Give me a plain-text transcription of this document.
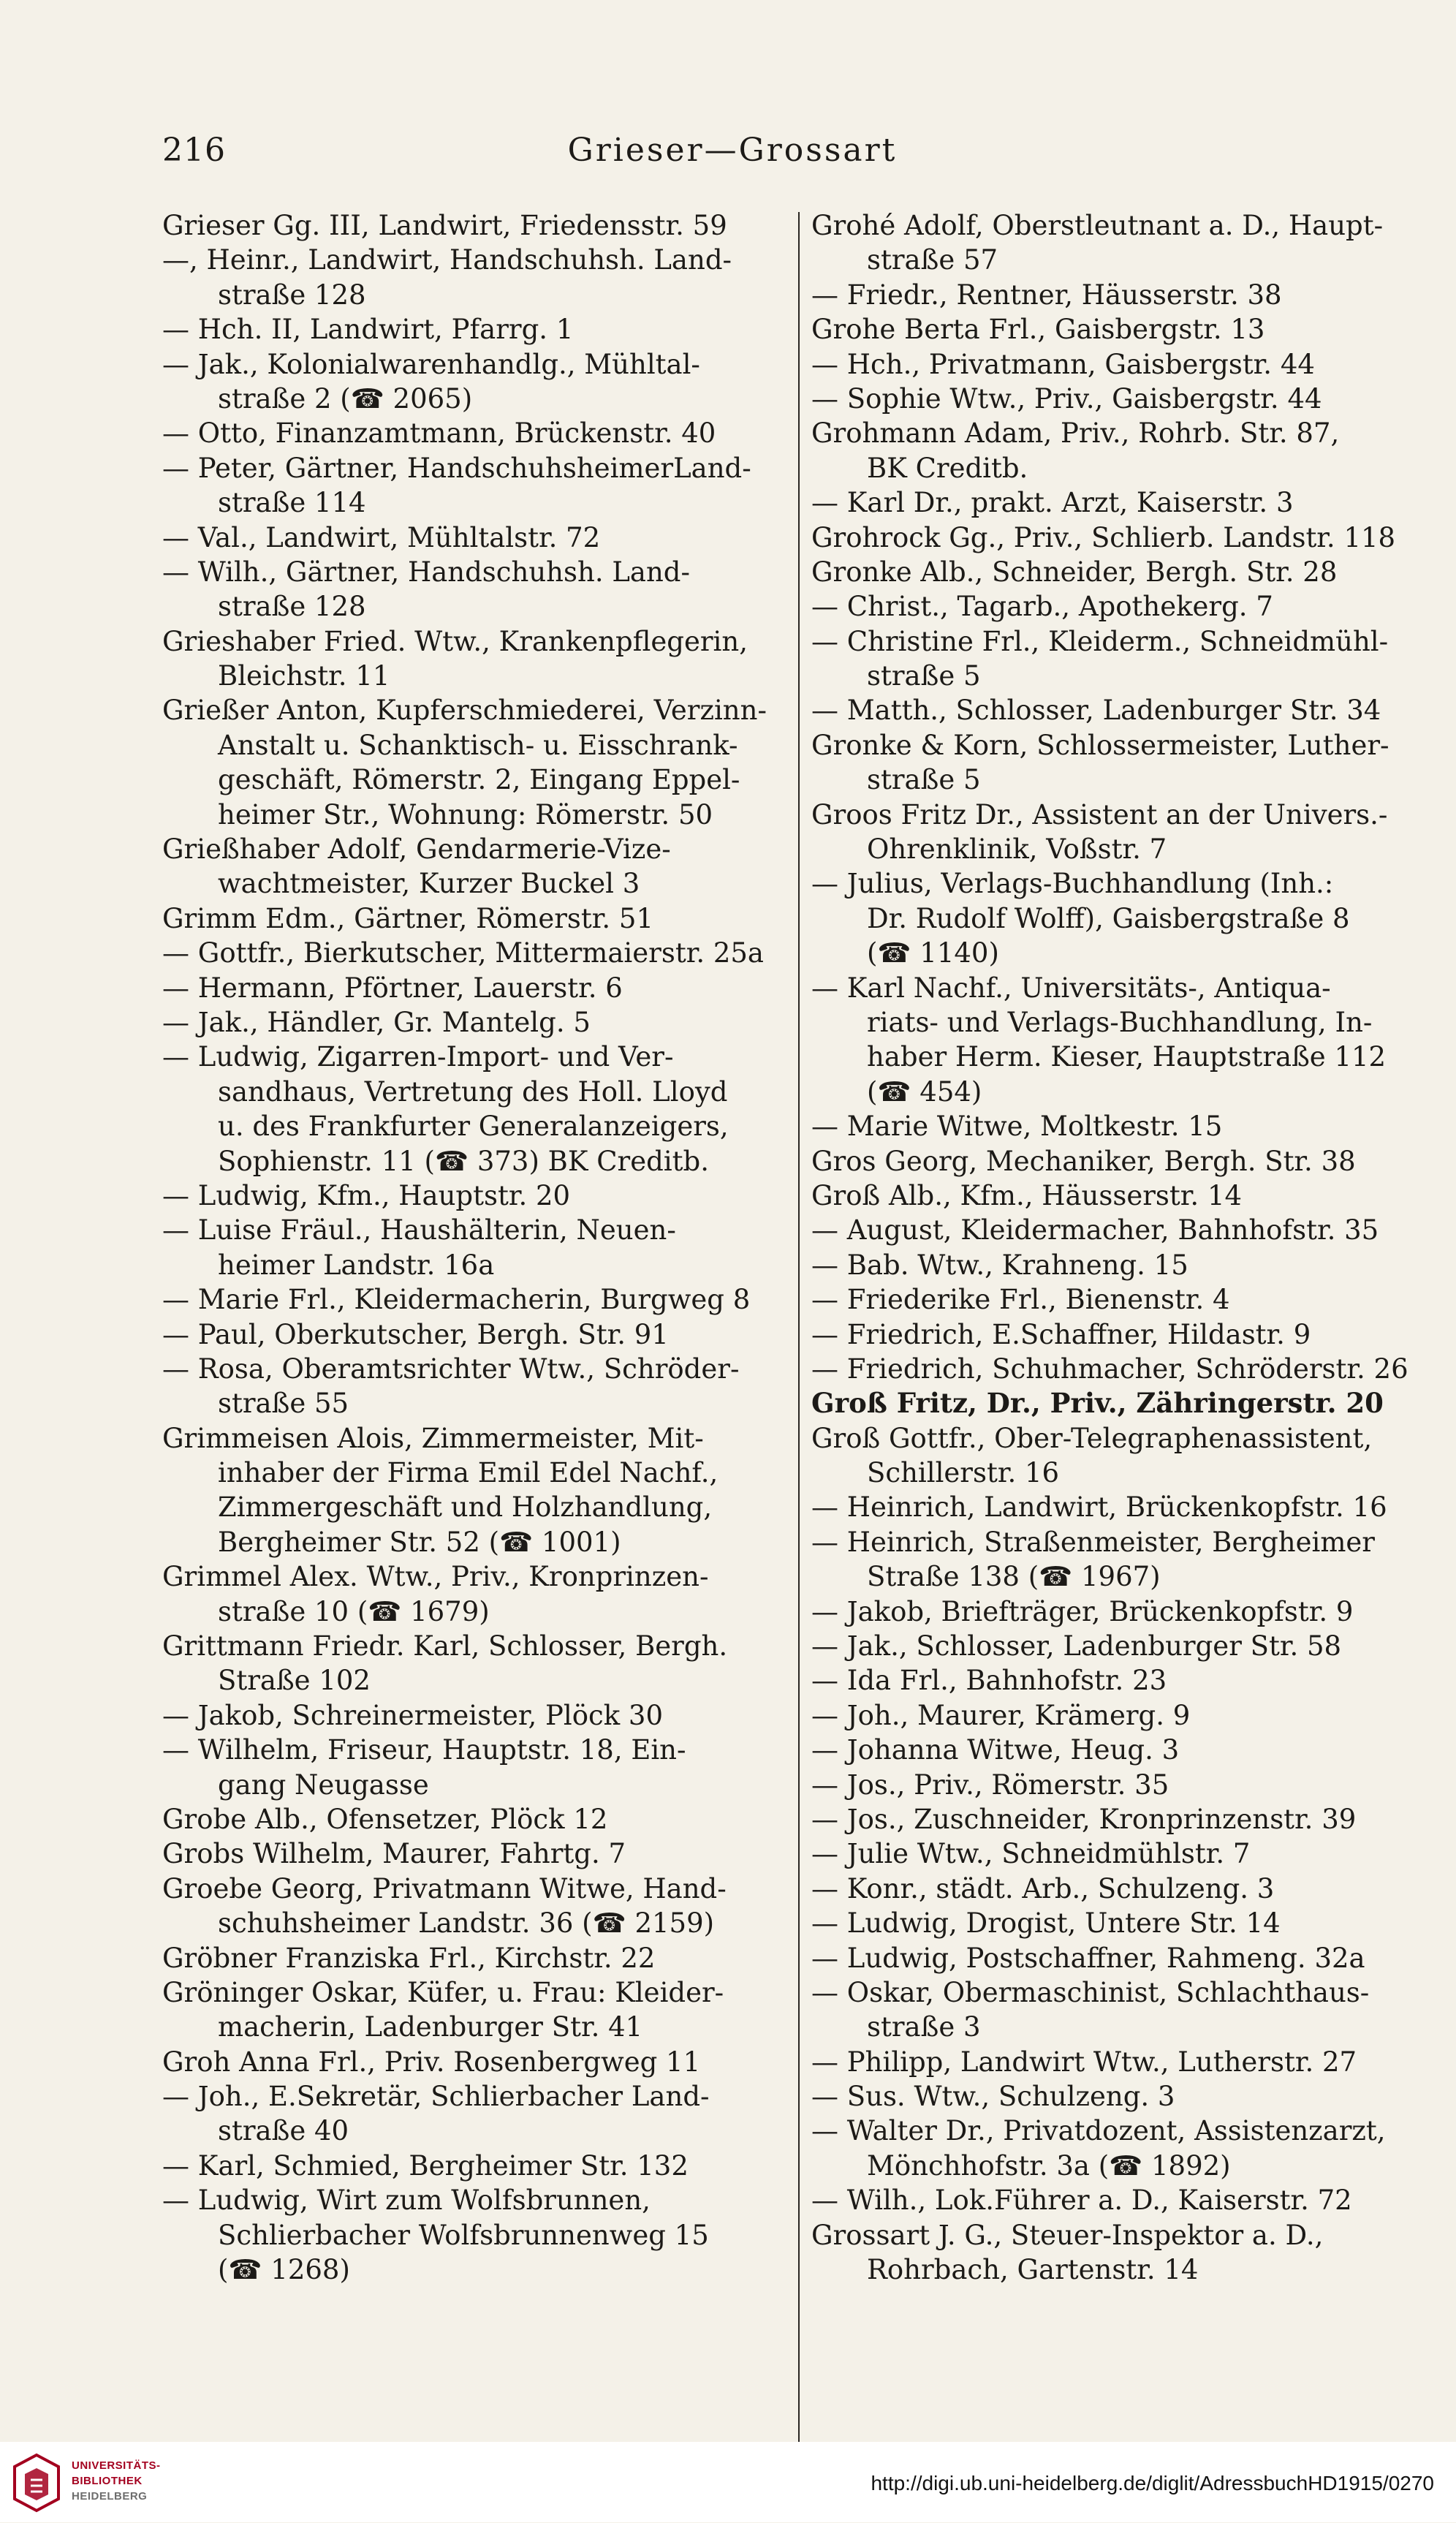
216	Grieser—Grossart
Grieser Gg. III, Landwirt, Friedensstr. 59
—, Heinr., Landwirt, Handschuhsh. Land-
straße 128
— Hch. II, Landwirt, Pfarrg. 1
— Jak., Kolonialwarenhandlg., Mühltal-
straße 2 (☎ 2065)
— Otto, Finanzamtmann, Brückenstr. 40
— Peter, Gärtner, HandschuhsheimerLand-
straße 114
— Val., Landwirt, Mühltalstr. 72
— Wilh., Gärtner, Handschuhsh. Land-
straße 128
Grieshaber Fried. Wtw., Krankenpflegerin,
Bleichstr. 11
Grießer Anton, Kupferschmiederei, Verzinn-
Anstalt u. Schanktisch- u. Eisschrank-
geschäft, Römerstr. 2, Eingang Eppel-
heimer Str., Wohnung: Römerstr. 50
Grießhaber Adolf, Gendarmerie-Vize-
wachtmeister, Kurzer Buckel 3
Grimm Edm., Gärtner, Römerstr. 51
— Gottfr., Bierkutscher, Mittermaierstr. 25a
— Hermann, Pförtner, Lauerstr. 6
— Jak., Händler, Gr. Mantelg. 5
— Ludwig, Zigarren-Import- und Ver-
sandhaus, Vertretung des Holl. Lloyd
u. des Frankfurter Generalanzeigers,
Sophienstr. 11 (☎ 373) BK Creditb.
— Ludwig, Kfm., Hauptstr. 20
— Luise Fräul., Haushälterin, Neuen-
heimer Landstr. 16a
— Marie Frl., Kleidermacherin, Burgweg 8
— Paul, Oberkutscher, Bergh. Str. 91
— Rosa, Oberamtsrichter Wtw., Schröder-
straße 55
Grimmeisen Alois, Zimmermeister, Mit-
inhaber der Firma Emil Edel Nachf.,
Zimmergeschäft und Holzhandlung,
Bergheimer Str. 52 (☎ 1001)
Grimmel Alex. Wtw., Priv., Kronprinzen-
straße 10 (☎ 1679)
Grittmann Friedr. Karl, Schlosser, Bergh.
Straße 102
— Jakob, Schreinermeister, Plöck 30
— Wilhelm, Friseur, Hauptstr. 18, Ein-
gang Neugasse
Grobe Alb., Ofensetzer, Plöck 12
Grobs Wilhelm, Maurer, Fahrtg. 7
Groebe Georg, Privatmann Witwe, Hand-
schuhsheimer Landstr. 36 (☎ 2159)
Gröbner Franziska Frl., Kirchstr. 22
Gröninger Oskar, Küfer, u. Frau: Kleider-
macherin, Ladenburger Str. 41
Groh Anna Frl., Priv. Rosenbergweg 11
— Joh., E.Sekretär, Schlierbacher Land-
straße 40
— Karl, Schmied, Bergheimer Str. 132
— Ludwig, Wirt zum Wolfsbrunnen,
Schlierbacher Wolfsbrunnenweg 15
(☎ 1268)
Grohé Adolf, Oberstleutnant a. D., Haupt-
straße 57
— Friedr., Rentner, Häusserstr. 38
Grohe Berta Frl., Gaisbergstr. 13
— Hch., Privatmann, Gaisbergstr. 44
— Sophie Wtw., Priv., Gaisbergstr. 44
Grohmann Adam, Priv., Rohrb. Str. 87,
BK Creditb.
— Karl Dr., prakt. Arzt, Kaiserstr. 3
Grohrock Gg., Priv., Schlierb. Landstr. 118
Gronke Alb., Schneider, Bergh. Str. 28
— Christ., Tagarb., Apothekerg. 7
— Christine Frl., Kleiderm., Schneidmühl-
straße 5
— Matth., Schlosser, Ladenburger Str. 34
Gronke & Korn, Schlossermeister, Luther-
straße 5
Groos Fritz Dr., Assistent an der Univers.-
Ohrenklinik, Voßstr. 7
— Julius, Verlags-Buchhandlung (Inh.:
Dr. Rudolf Wolff), Gaisbergstraße 8
(☎ 1140)
— Karl Nachf., Universitäts-, Antiqua-
riats- und Verlags-Buchhandlung, In-
haber Herm. Kieser, Hauptstraße 112
(☎ 454)
— Marie Witwe, Moltkestr. 15
Gros Georg, Mechaniker, Bergh. Str. 38
Groß Alb., Kfm., Häusserstr. 14
— August, Kleidermacher, Bahnhofstr. 35
— Bab. Wtw., Krahneng. 15
— Friederike Frl., Bienenstr. 4
— Friedrich, E.Schaffner, Hildastr. 9
— Friedrich, Schuhmacher, Schröderstr. 26
Groß Fritz, Dr., Priv., Zähringerstr. 20
Groß Gottfr., Ober-Telegraphenassistent,
Schillerstr. 16
— Heinrich, Landwirt, Brückenkopfstr. 16
— Heinrich, Straßenmeister, Bergheimer
Straße 138 (☎ 1967)
— Jakob, Briefträger, Brückenkopfstr. 9
— Jak., Schlosser, Ladenburger Str. 58
— Ida Frl., Bahnhofstr. 23
— Joh., Maurer, Krämerg. 9
— Johanna Witwe, Heug. 3
— Jos., Priv., Römerstr. 35
— Jos., Zuschneider, Kronprinzenstr. 39
— Julie Wtw., Schneidmühlstr. 7
— Konr., städt. Arb., Schulzeng. 3
— Ludwig, Drogist, Untere Str. 14
— Ludwig, Postschaffner, Rahmeng. 32a
— Oskar, Obermaschinist, Schlachthaus-
straße 3
— Philipp, Landwirt Wtw., Lutherstr. 27
— Sus. Wtw., Schulzeng. 3
— Walter Dr., Privatdozent, Assistenzarzt,
Mönchhofstr. 3a (☎ 1892)
— Wilh., Lok.Führer a. D., Kaiserstr. 72
Grossart J. G., Steuer-Inspektor a. D.,
Rohrbach, Gartenstr. 14
UNIVERSITÄTS-
BIBLIOTHEK
HEIDELBERG
http://digi.ub.uni-heidelberg.de/diglit/AdressbuchHD1915/0270
